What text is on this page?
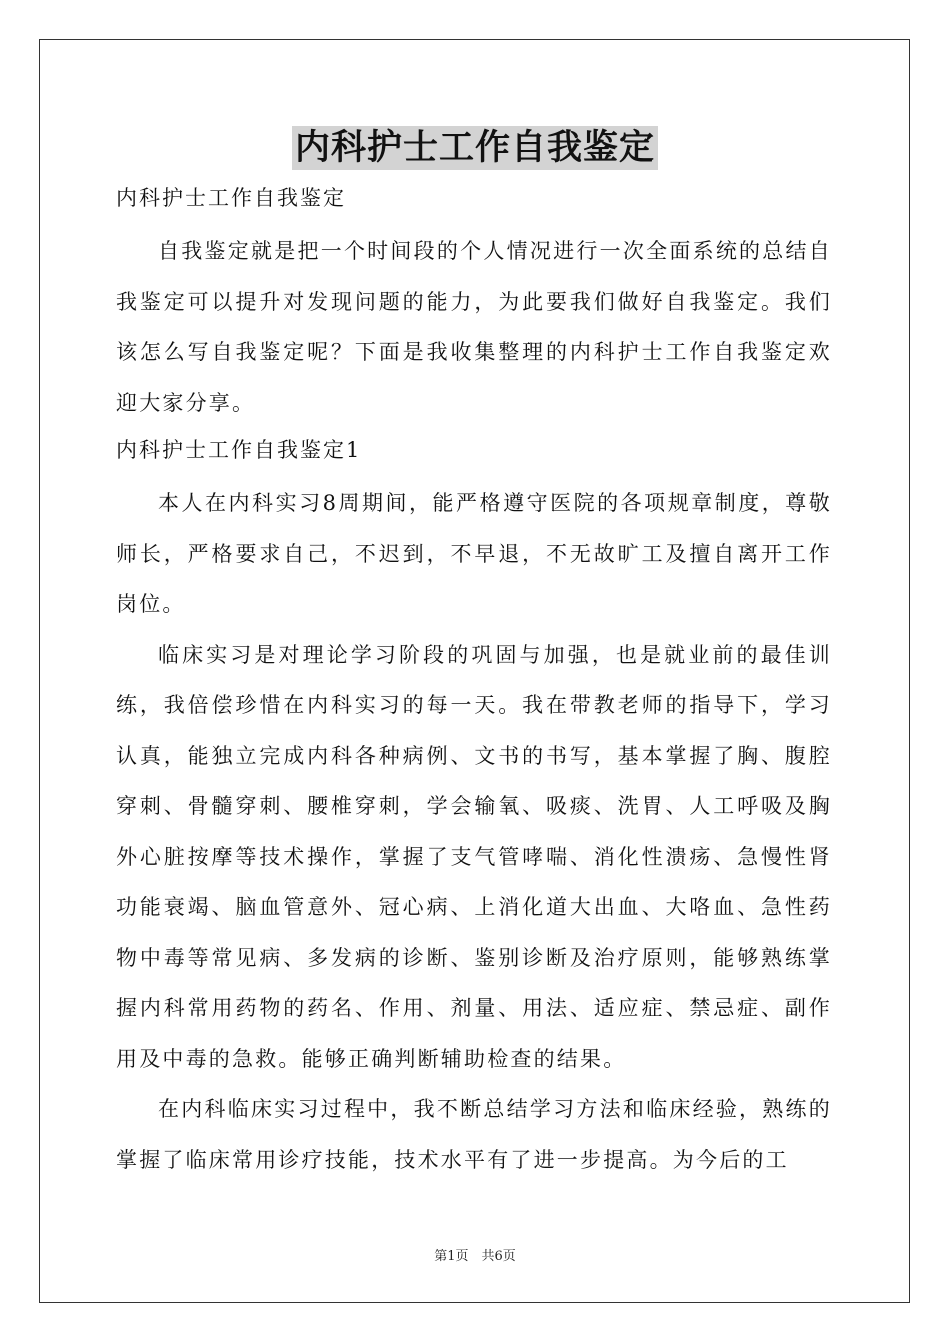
内科护士工作自我鉴定
内科护士工作自我鉴定

自我鉴定就是把一个时间段的个人情况进行一次全面系统的总结自我鉴定可以提升对发现问题的能力，为此要我们做好自我鉴定。我们该怎么写自我鉴定呢？下面是我收集整理的内科护士工作自我鉴定欢迎大家分享。

内科护士工作自我鉴定1

本人在内科实习8周期间，能严格遵守医院的各项规章制度，尊敬师长，严格要求自己，不迟到，不早退，不无故旷工及擅自离开工作岗位。

临床实习是对理论学习阶段的巩固与加强，也是就业前的最佳训练，我倍偿珍惜在内科实习的每一天。我在带教老师的指导下，学习认真，能独立完成内科各种病例、文书的书写，基本掌握了胸、腹腔穿刺、骨髓穿刺、腰椎穿刺，学会输氧、吸痰、洗胃、人工呼吸及胸外心脏按摩等技术操作，掌握了支气管哮喘、消化性溃疡、急慢性肾功能衰竭、脑血管意外、冠心病、上消化道大出血、大咯血、急性药物中毒等常见病、多发病的诊断、鉴别诊断及治疗原则，能够熟练掌握内科常用药物的药名、作用、剂量、用法、适应症、禁忌症、副作用及中毒的急救。能够正确判断辅助检查的结果。

在内科临床实习过程中，我不断总结学习方法和临床经验，熟练的掌握了临床常用诊疗技能，技术水平有了进一步提高。为今后的工

第1页　共6页
